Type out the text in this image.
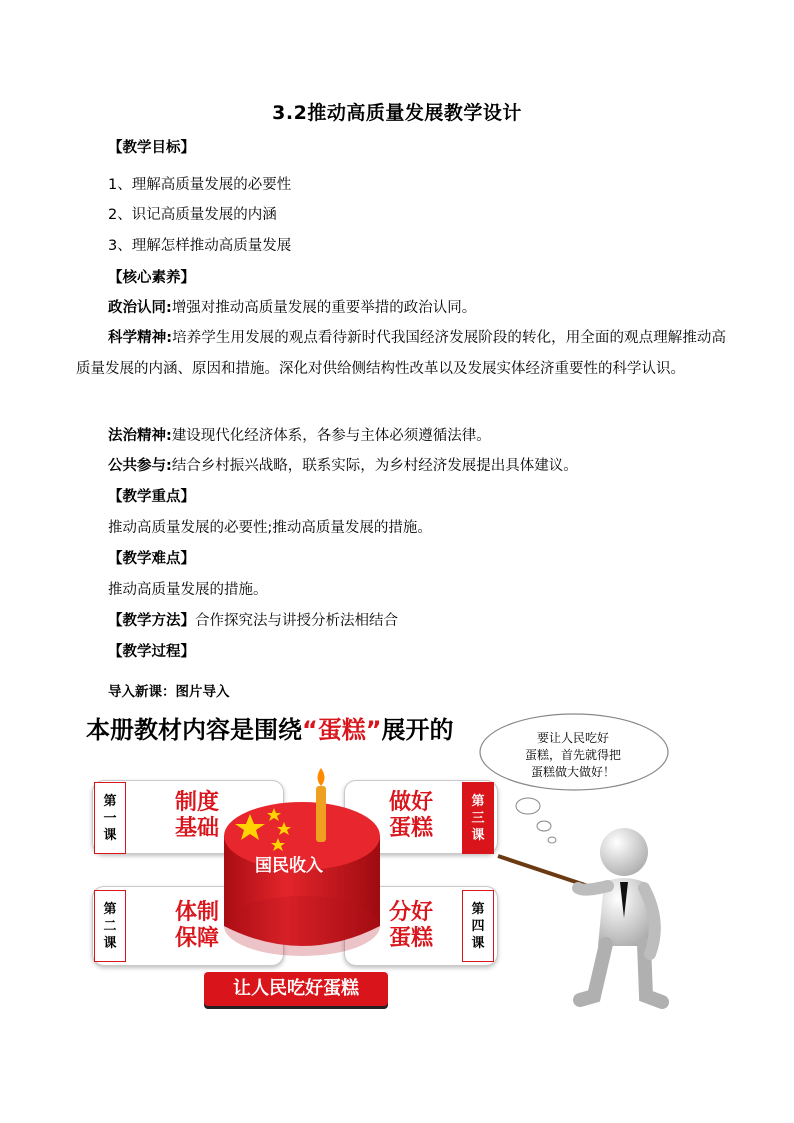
3.2推动高质量发展教学设计
【教学目标】
1、理解高质量发展的必要性
2、识记高质量发展的内涵
3、理解怎样推动高质量发展
【核心素养】
政治认同:增强对推动高质量发展的重要举措的政治认同。
科学精神:培养学生用发展的观点看待新时代我国经济发展阶段的转化，用全面的观点理解推动高质量发展的内涵、原因和措施。深化对供给侧结构性改革以及发展实体经济重要性的科学认识。
法治精神:建设现代化经济体系，各参与主体必须遵循法律。
公共参与:结合乡村振兴战略，联系实际，为乡村经济发展提出具体建议。
【教学重点】
推动高质量发展的必要性;推动高质量发展的措施。
【教学难点】
推动高质量发展的措施。
【教学方法】合作探究法与讲授分析法相结合
【教学过程】
导入新课：图片导入
本册教材内容是围绕“蛋糕”展开的	要让人民吃好
蛋糕，首先就得把
蛋糕做大做好！
国民收入
制度
基础
体制
保障
做好
蛋糕
分好
蛋糕
第
一
课
第
二
课
第
三
课
第
四
课
让人民吃好蛋糕
